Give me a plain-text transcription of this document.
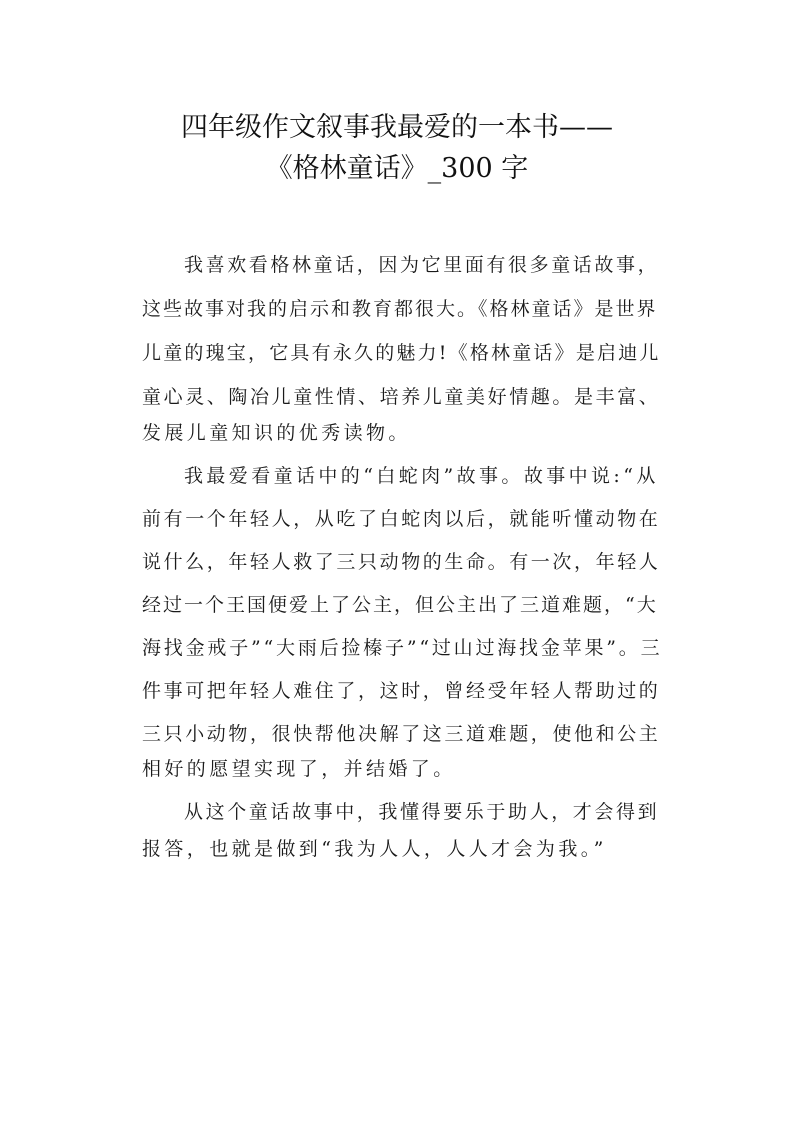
四年级作文叙事我最爱的一本书——
《格林童话》_300 字
我喜欢看格林童话，因为它里面有很多童话故事，
这些故事对我的启示和教育都很大。《格林童话》是世界
儿童的瑰宝，它具有永久的魅力!《格林童话》是启迪儿
童心灵、陶冶儿童性情、培养儿童美好情趣。是丰富、
发展儿童知识的优秀读物。
我最爱看童话中的“白蛇肉”故事。故事中说:“从
前有一个年轻人，从吃了白蛇肉以后，就能听懂动物在
说什么，年轻人救了三只动物的生命。有一次，年轻人
经过一个王国便爱上了公主，但公主出了三道难题，“大
海找金戒子”“大雨后捡榛子”“过山过海找金苹果”。三
件事可把年轻人难住了，这时，曾经受年轻人帮助过的
三只小动物，很快帮他决解了这三道难题，使他和公主
相好的愿望实现了，并结婚了。
从这个童话故事中，我懂得要乐于助人，才会得到
报答，也就是做到“我为人人，人人才会为我。”
